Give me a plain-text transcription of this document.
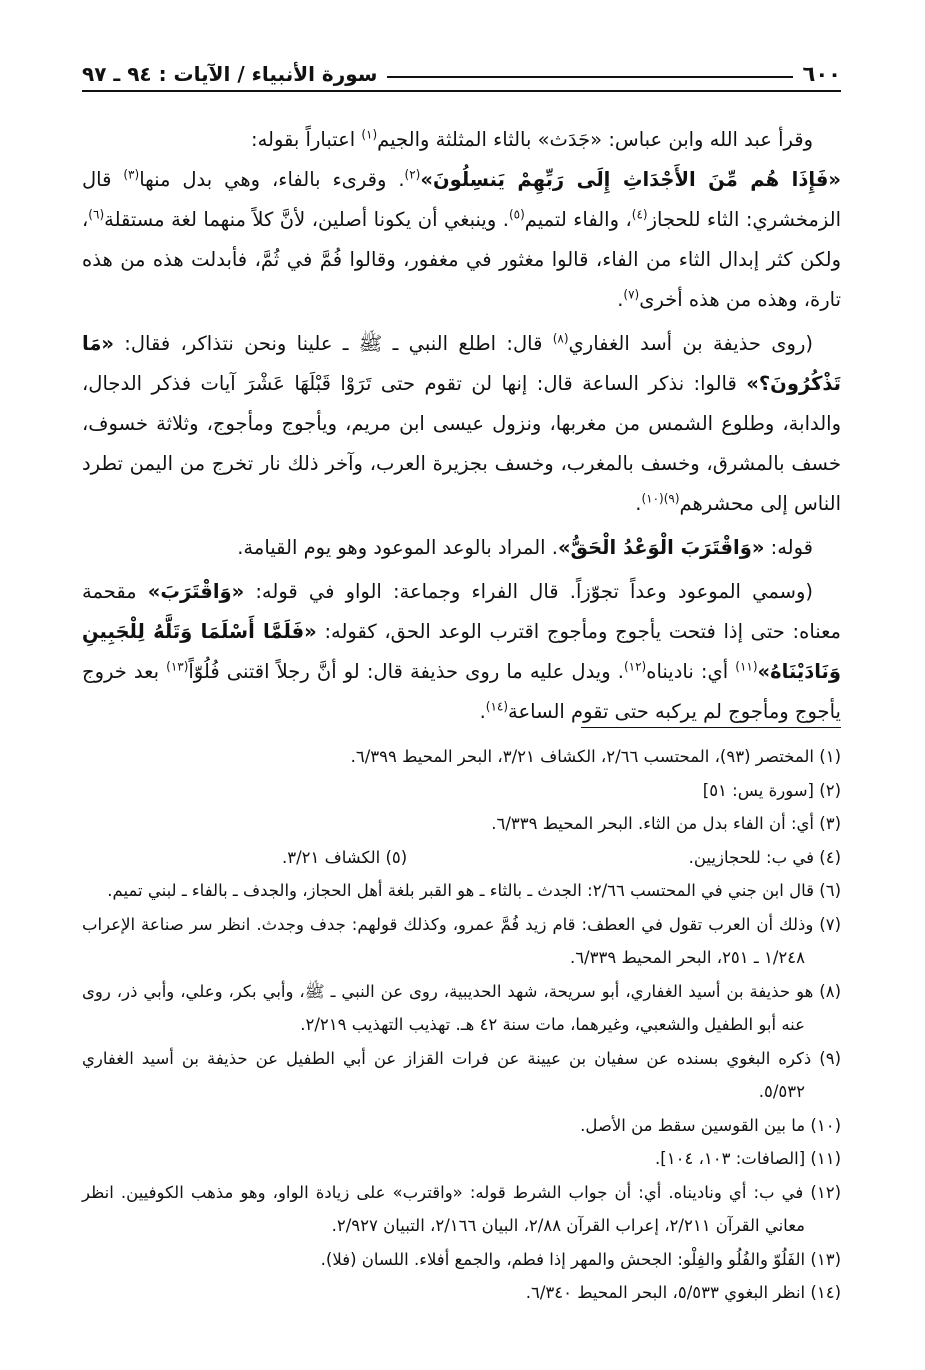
٦٠٠
سورة الأنبياء / الآيات : ٩٤ ـ ٩٧

وقرأ عبد الله وابن عباس: «جَدَث» بالثاء المثلثة والجيم$^{(١)}$ اعتباراً بقوله:

«فَإِذَا هُم مِّنَ الأَجْدَاثِ إِلَى رَبِّهِمْ يَنسِلُونَ»$^{(٢)}$. وقرىء بالفاء، وهي بدل منها$^{(٣)}$ قال الزمخشري: الثاء للحجاز$^{(٤)}$، والفاء لتميم$^{(٥)}$. وينبغي أن يكونا أصلين، لأنَّ كلاً منهما لغة مستقلة$^{(٦)}$، ولكن كثر إبدال الثاء من الفاء، قالوا مغثور في مغفور، وقالوا فُمَّ في ثُمَّ، فأبدلت هذه من هذه تارة، وهذه من هذه أخرى$^{(٧)}$.

(روى حذيفة بن أسد الغفاري$^{(٨)}$ قال: اطلع النبي ـ ﷺ ـ علينا ونحن نتذاكر، فقال: «مَا تَذْكُرُونَ؟» قالوا: نذكر الساعة قال: إنها لن تقوم حتى تَرَوْا قَبْلَهَا عَشْرَ آيات فذكر الدجال، والدابة، وطلوع الشمس من مغربها، ونزول عيسى ابن مريم، ويأجوج ومأجوج، وثلاثة خسوف، خسف بالمشرق، وخسف بالمغرب، وخسف بجزيرة العرب، وآخر ذلك نار تخرج من اليمن تطرد الناس إلى محشرهم$^{(٩)(١٠)}$.

قوله: «وَاقْتَرَبَ الْوَعْدُ الْحَقُّ». المراد بالوعد الموعود وهو يوم القيامة.

(وسمي الموعود وعداً تجوّزاً. قال الفراء وجماعة: الواو في قوله: «وَاقْتَرَبَ» مقحمة معناه: حتى إذا فتحت يأجوج ومأجوج اقترب الوعد الحق، كقوله: «فَلَمَّا أَسْلَمَا وَتَلَّهُ لِلْجَبِينِ وَنَادَيْنَاهُ»$^{(١١)}$ أي: ناديناه$^{(١٢)}$. ويدل عليه ما روى حذيفة قال: لو أنَّ رجلاً اقتنى فُلُوّاً$^{(١٣)}$ بعد خروج يأجوج ومأجوج لم يركبه حتى تقوم الساعة$^{(١٤)}$.

(١) المختصر (٩٣)، المحتسب ٢/٦٦، الكشاف ٣/٢١، البحر المحيط ٦/٣٩٩.

(٢) [سورة يس: ٥١]

(٣) أي: أن الفاء بدل من الثاء. البحر المحيط ٦/٣٣٩.

(٤) في ب: للحجازيين.
(٥) الكشاف ٣/٢١.

(٦) قال ابن جني في المحتسب ٢/٦٦: الجدث ـ بالثاء ـ هو القبر بلغة أهل الحجاز، والجدف ـ بالفاء ـ لبني تميم.

(٧) وذلك أن العرب تقول في العطف: قام زيد فُمَّ عمرو، وكذلك قولهم: جدف وجدث. انظر سر صناعة الإعراب ١/٢٤٨ ـ ٢٥١، البحر المحيط ٦/٣٣٩.

(٨) هو حذيفة بن أسيد الغفاري، أبو سريحة، شهد الحديبية، روى عن النبي ـ ﷺ، وأبي بكر، وعلي، وأبي ذر، روى عنه أبو الطفيل والشعبي، وغيرهما، مات سنة ٤٢ هـ. تهذيب التهذيب ٢/٢١٩.

(٩) ذكره البغوي بسنده عن سفيان بن عيينة عن فرات القزاز عن أبي الطفيل عن حذيفة بن أسيد الغفاري ٥/٥٣٢.

(١٠) ما بين القوسين سقط من الأصل.

(١١) [الصافات: ١٠٣، ١٠٤].

(١٢) في ب: أي وناديناه. أي: أن جواب الشرط قوله: «واقترب» على زيادة الواو، وهو مذهب الكوفيين. انظر معاني القرآن ٢/٢١١، إعراب القرآن ٢/٨٨، البيان ٢/١٦٦، التبيان ٢/٩٢٧.

(١٣) الفَلُوّ والفُلُو والفِلْو: الجحش والمهر إذا فطم، والجمع أفلاء. اللسان (فلا).

(١٤) انظر البغوي ٥/٥٣٣، البحر المحيط ٦/٣٤٠.
